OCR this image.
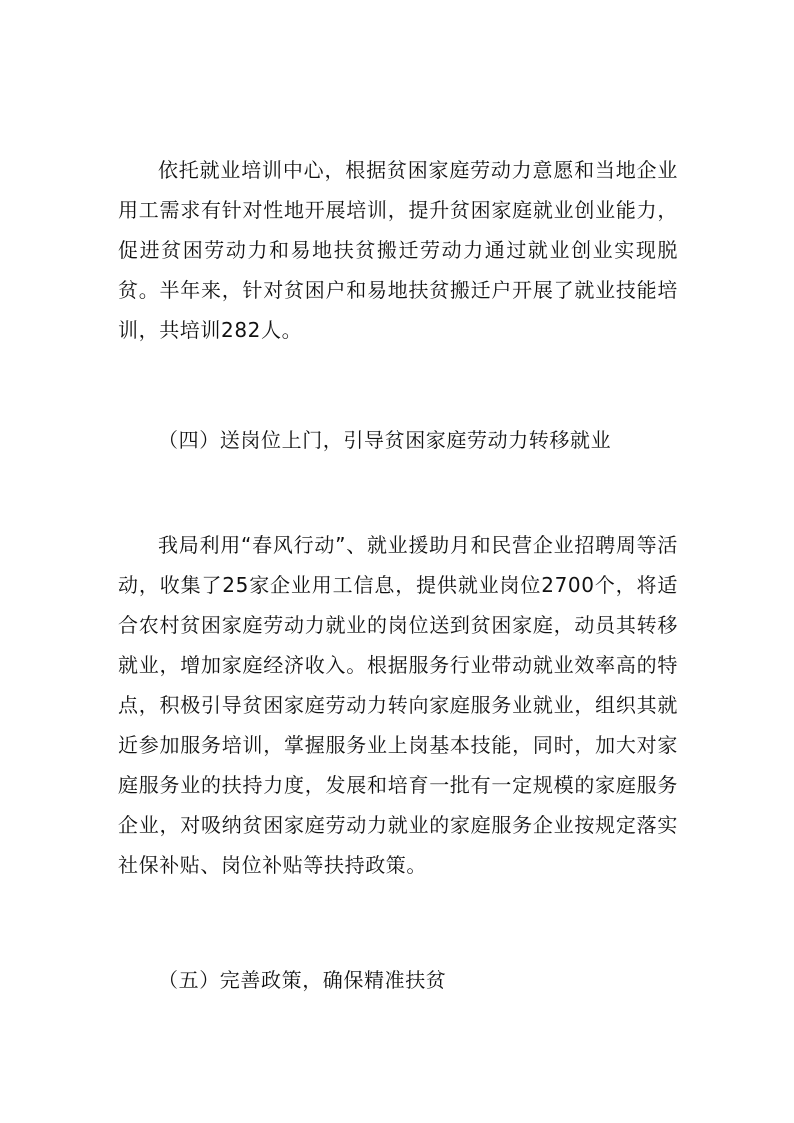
依托就业培训中心，根据贫困家庭劳动力意愿和当地企业用工需求有针对性地开展培训，提升贫困家庭就业创业能力，促进贫困劳动力和易地扶贫搬迁劳动力通过就业创业实现脱贫。半年来，针对贫困户和易地扶贫搬迁户开展了就业技能培训，共培训282人。

（四）送岗位上门，引导贫困家庭劳动力转移就业

我局利用“春风行动”、就业援助月和民营企业招聘周等活动，收集了25家企业用工信息，提供就业岗位2700个，将适合农村贫困家庭劳动力就业的岗位送到贫困家庭，动员其转移就业，增加家庭经济收入。根据服务行业带动就业效率高的特点，积极引导贫困家庭劳动力转向家庭服务业就业，组织其就近参加服务培训，掌握服务业上岗基本技能，同时，加大对家庭服务业的扶持力度，发展和培育一批有一定规模的家庭服务企业，对吸纳贫困家庭劳动力就业的家庭服务企业按规定落实社保补贴、岗位补贴等扶持政策。

（五）完善政策，确保精准扶贫
